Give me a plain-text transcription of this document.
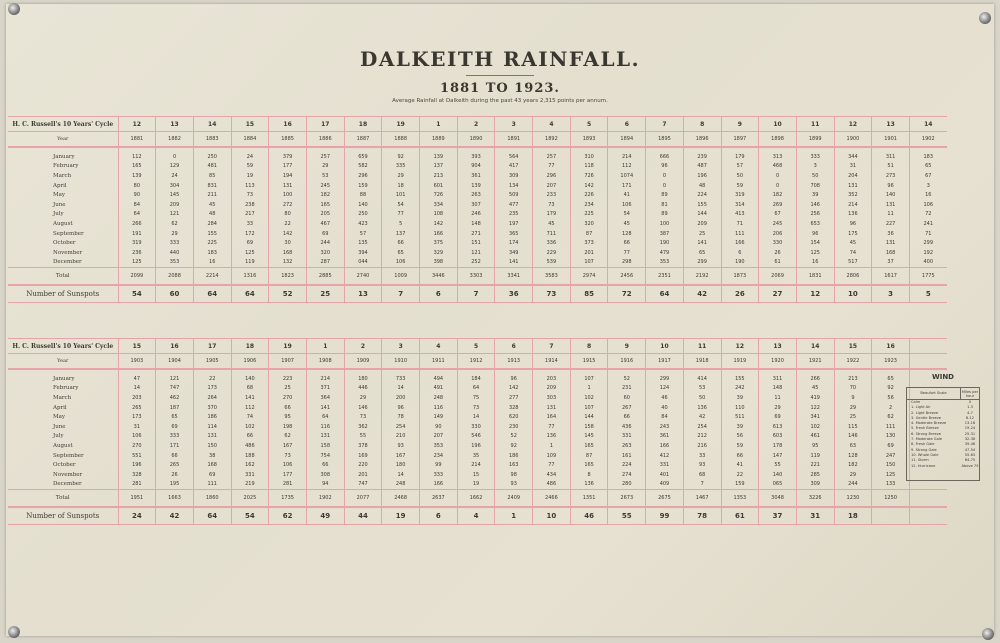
DALKEITH RAINFALL.
1881 TO 1923.
Average Rainfall at Dalkeith during the past 43 years 2,315 points per annum.
H. C. Russell's 10 Years' Cycle	12	13	14	15	16	17	18	19	1	2	3	4	5	6	7	8	9	10	11	12	13	14
Year	1881	1882	1883	1884	1885	1886	1887	1888	1889	1890	1891	1892	1893	1894	1895	1896	1897	1898	1899	1900	1901	1902
January	112	0	250	24	379	257	659	92	139	393	564	257	310	214	666	239	179	313	333	344	311	183
February	165	129	481	59	177	29	582	335	137	904	417	77	118	112	96	487	57	468	3	31	51	65
March	139	24	85	19	194	53	296	29	213	361	309	296	726	1074	0	196	50	0	50	204	273	67
April	80	304	831	113	131	245	159	18	601	139	134	207	142	171	0	48	59	0	708	131	96	3
May	90	145	211	73	100	182	88	101	726	263	509	233	226	41	89	224	319	182	39	352	140	16
June	84	209	45	238	272	165	140	54	334	307	477	73	234	106	81	155	314	269	146	214	131	106
July	64	121	48	217	80	205	250	77	108	246	235	179	225	54	89	144	413	67	256	136	11	72
August	266	62	284	33	22	467	423	5	142	148	197	45	320	45	100	209	71	245	653	96	227	241
September	191	29	155	172	142	69	57	137	166	271	365	711	87	128	387	25	111	206	96	175	36	71
October	319	333	225	69	30	244	135	66	375	151	174	336	373	66	190	141	166	330	154	45	131	299
November	236	440	183	125	168	320	394	65	329	121	349	229	201	77	479	65	6	26	125	74	168	192
December	125	353	16	119	132	287	044	106	398	252	141	539	107	298	353	299	190	61	16	517	37	400
Total	2099	2088	2214	1316	1823	2885	2740	1009	3446	3303	3341	3583	2974	2456	2351	2192	1873	2069	1831	2806	1617	1775
Number of Sunspots	54	60	64	64	52	25	13	7	6	7	36	73	85	72	64	42	26	27	12	10	3	5
H. C. Russell's 10 Years' Cycle	15	16	17	18	19	1	2	3	4	5	6	7	8	9	10	11	12	13	14	15	16	
Year	1903	1904	1905	1906	1907	1908	1909	1910	1911	1912	1913	1914	1915	1916	1917	1918	1919	1920	1921	1922	1923	
January	47	121	22	140	223	214	180	733	494	184	96	203	107	52	299	414	155	311	266	213	65	
February	14	747	173	68	25	371	446	14	491	64	142	209	1	231	124	53	242	148	45	70	92	
March	203	462	264	141	270	364	29	200	248	75	277	303	102	60	46	50	39	11	419	9	56	
April	265	187	370	112	66	141	146	96	116	73	328	131	107	267	40	136	110	29	122	29	2	
May	173	65	186	74	95	64	73	78	149	14	620	164	144	66	84	42	511	69	341	25	62	
June	31	69	114	102	198	116	362	254	90	330	230	77	158	436	243	254	39	613	102	115	111	
July	106	333	131	66	62	131	55	210	207	546	52	136	145	331	361	212	56	603	461	146	130	
August	270	171	150	486	167	158	378	93	353	196	92	1	165	263	166	216	59	178	95	63	69	
September	551	66	38	188	73	754	169	167	234	35	186	109	87	161	412	33	66	147	119	128	247	
October	196	265	168	162	106	66	220	180	99	214	163	77	165	224	331	93	41	55	221	182	150	
November	328	26	69	331	177	308	201	14	333	15	98	434	8	274	401	68	22	140	285	29	125	
December	281	195	111	219	281	94	747	248	166	19	93	486	136	280	409	7	159	065	309	244	133	
Total	1951	1663	1860	2025	1735	1902	2077	2468	2637	1662	2409	2466	1351	2673	2675	1467	1353	3048	3226	1230	1250	
Number of Sunspots	24	42	64	54	62	49	44	19	6	4	1	10	46	55	99	78	61	37	31	18		
WIND
Beaufort Scale	Miles per hour
Calm	0
1. Light Air	1-3
2. Light Breeze	4-7
3. Gentle Breeze	8-12
4. Moderate Breeze	13-18
5. Fresh Breeze	19-24
6. Strong Breeze	25-31
7. Moderate Gale	32-38
8. Fresh Gale	39-46
9. Strong Gale	47-54
10. Whole Gale	55-63
11. Storm	64-75
12. Hurricane	Above 75
